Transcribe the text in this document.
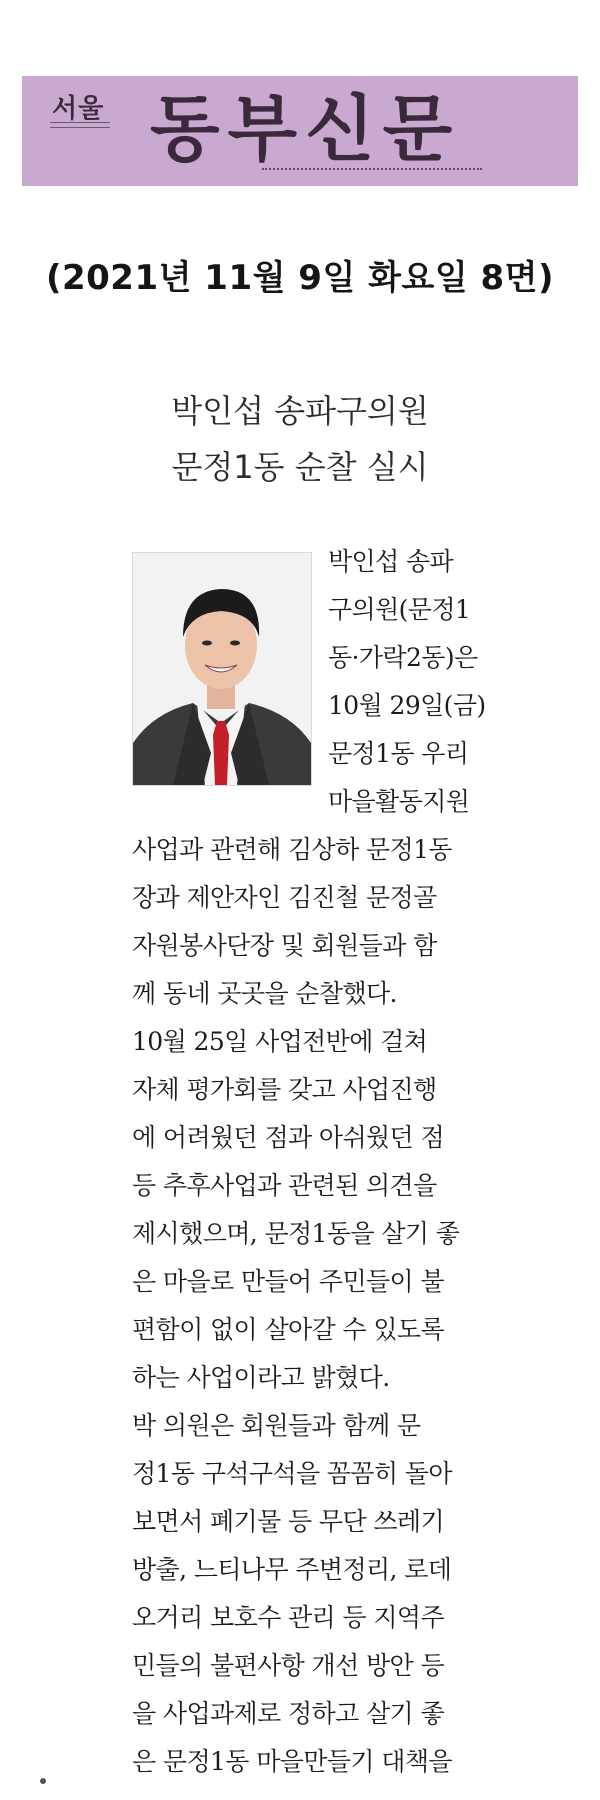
서울 동부신문
(2021년 11월 9일 화요일 8면)
박인섭 송파구의원
문정1동 순찰 실시
박인섭 송파
구의원(문정1
동·가락2동)은
10월 29일(금)
문정1동 우리
마을활동지원
사업과 관련해 김상하 문정1동
장과 제안자인 김진철 문정골
자원봉사단장 및 회원들과 함
께 동네 곳곳을 순찰했다.
10월 25일 사업전반에 걸쳐
자체 평가회를 갖고 사업진행
에 어려웠던 점과 아쉬웠던 점
등 추후사업과 관련된 의견을
제시했으며, 문정1동을 살기 좋
은 마을로 만들어 주민들이 불
편함이 없이 살아갈 수 있도록
하는 사업이라고 밝혔다.
박 의원은 회원들과 함께 문
정1동 구석구석을 꼼꼼히 돌아
보면서 폐기물 등 무단 쓰레기
방출, 느티나무 주변정리, 로데
오거리 보호수 관리 등 지역주
민들의 불편사항 개선 방안 등
을 사업과제로 정하고 살기 좋
은 문정1동 마을만들기 대책을
